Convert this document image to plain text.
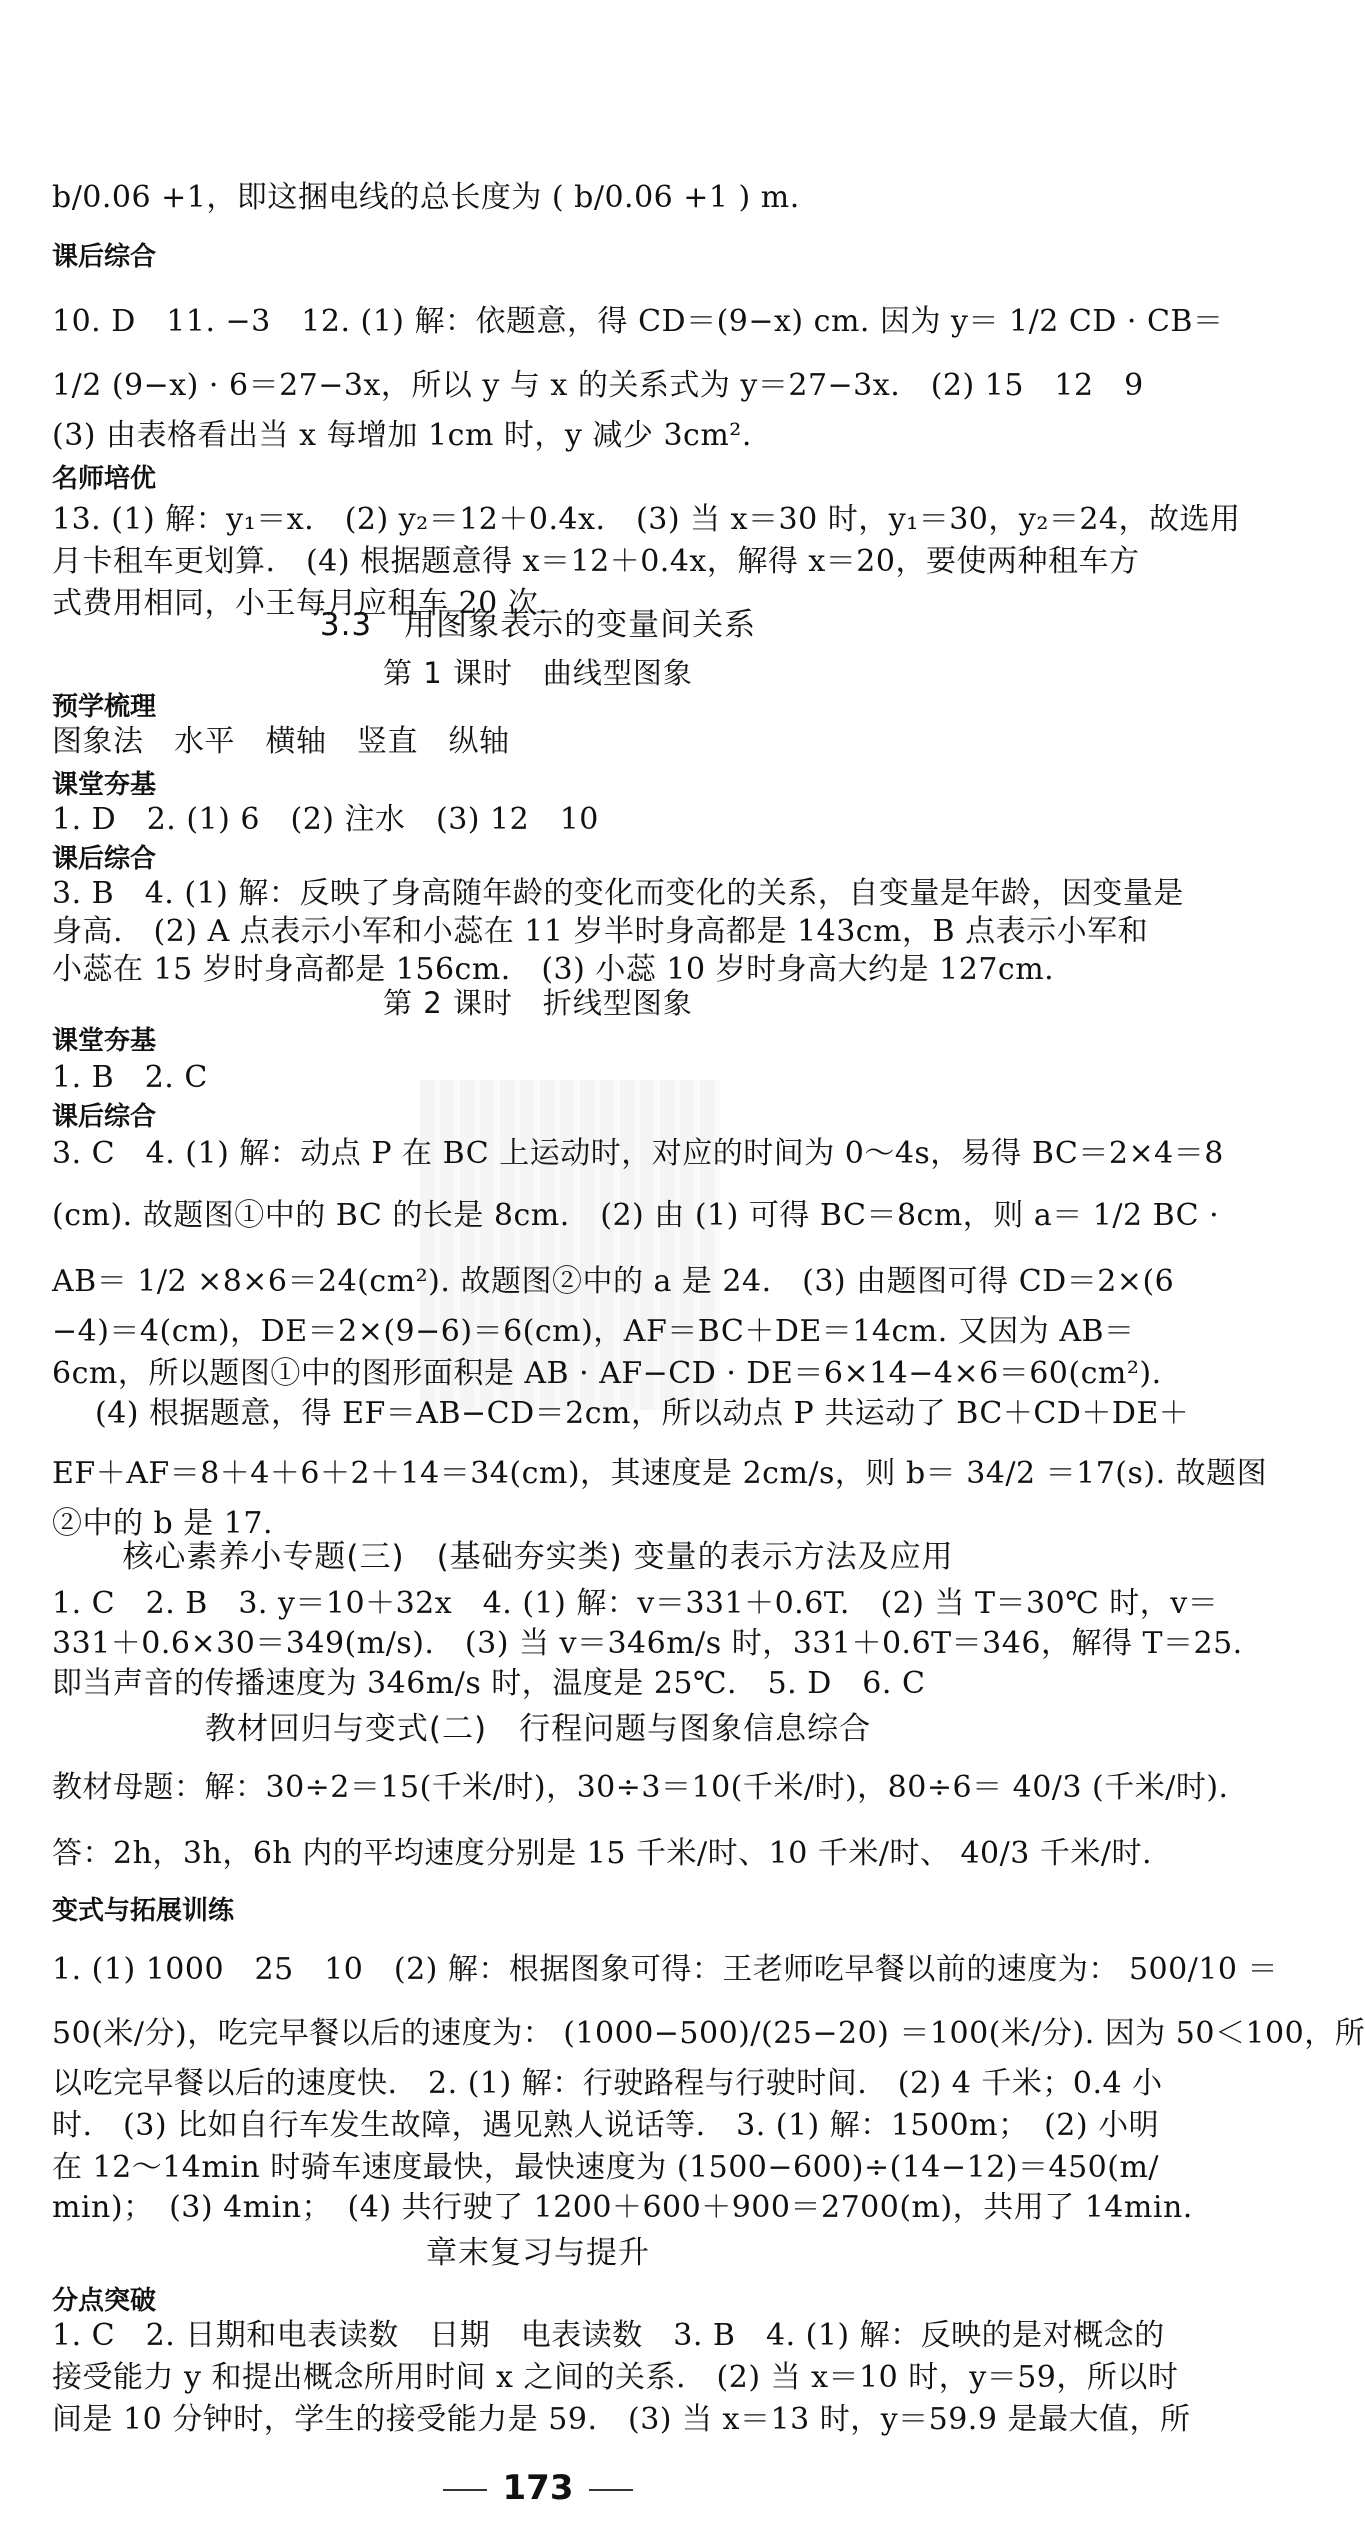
b/0.06 +1，即这捆电线的总长度为 ( b/0.06 +1 ) m.
课后综合
10. D　11. −3　12. (1) 解：依题意，得 CD＝(9−x) cm. 因为 y＝ 1/2 CD · CB＝
1/2 (9−x) · 6＝27−3x，所以 y 与 x 的关系式为 y＝27−3x.　(2) 15　12　9
(3) 由表格看出当 x 每增加 1cm 时，y 减少 3cm².
名师培优
13. (1) 解：y₁＝x.　(2) y₂＝12＋0.4x.　(3) 当 x＝30 时，y₁＝30，y₂＝24，故选用
月卡租车更划算.　(4) 根据题意得 x＝12＋0.4x，解得 x＝20，要使两种租车方
式费用相同，小王每月应租车 20 次.
3.3　用图象表示的变量间关系
第 1 课时　曲线型图象
预学梳理
图象法　水平　横轴　竖直　纵轴
课堂夯基
1. D　2. (1) 6　(2) 注水　(3) 12　10
课后综合
3. B　4. (1) 解：反映了身高随年龄的变化而变化的关系，自变量是年龄，因变量是
身高.　(2) A 点表示小军和小蕊在 11 岁半时身高都是 143cm，B 点表示小军和
小蕊在 15 岁时身高都是 156cm.　(3) 小蕊 10 岁时身高大约是 127cm.
第 2 课时　折线型图象
课堂夯基
1. B　2. C
课后综合
3. C　4. (1) 解：动点 P 在 BC 上运动时，对应的时间为 0～4s，易得 BC＝2×4＝8
(cm). 故题图①中的 BC 的长是 8cm.　(2) 由 (1) 可得 BC＝8cm，则 a＝ 1/2 BC ·
AB＝ 1/2 ×8×6＝24(cm²). 故题图②中的 a 是 24.　(3) 由题图可得 CD＝2×(6
−4)＝4(cm)，DE＝2×(9−6)＝6(cm)，AF＝BC＋DE＝14cm. 又因为 AB＝
6cm，所以题图①中的图形面积是 AB · AF−CD · DE＝6×14−4×6＝60(cm²).
(4) 根据题意，得 EF＝AB−CD＝2cm，所以动点 P 共运动了 BC＋CD＋DE＋
EF＋AF＝8＋4＋6＋2＋14＝34(cm)，其速度是 2cm/s，则 b＝ 34/2 ＝17(s). 故题图
②中的 b 是 17.
核心素养小专题(三)　(基础夯实类) 变量的表示方法及应用
1. C　2. B　3. y＝10＋32x　4. (1) 解：v＝331＋0.6T.　(2) 当 T＝30℃ 时，v＝
331＋0.6×30＝349(m/s).　(3) 当 v＝346m/s 时，331＋0.6T＝346，解得 T＝25.
即当声音的传播速度为 346m/s 时，温度是 25℃.　5. D　6. C
教材回归与变式(二)　行程问题与图象信息综合
教材母题：解：30÷2＝15(千米/时)，30÷3＝10(千米/时)，80÷6＝ 40/3 (千米/时).
答：2h，3h，6h 内的平均速度分别是 15 千米/时、10 千米/时、 40/3 千米/时.
变式与拓展训练
1. (1) 1000　25　10　(2) 解：根据图象可得：王老师吃早餐以前的速度为： 500/10 ＝
50(米/分)，吃完早餐以后的速度为： (1000−500)/(25−20) ＝100(米/分). 因为 50＜100，所
以吃完早餐以后的速度快.　2. (1) 解：行驶路程与行驶时间.　(2) 4 千米；0.4 小
时.　(3) 比如自行车发生故障，遇见熟人说话等.　3. (1) 解：1500m；　(2) 小明
在 12～14min 时骑车速度最快，最快速度为 (1500−600)÷(14−12)＝450(m/
min)；　(3) 4min；　(4) 共行驶了 1200＋600＋900＝2700(m)，共用了 14min.
章末复习与提升
分点突破
1. C　2. 日期和电表读数　日期　电表读数　3. B　4. (1) 解：反映的是对概念的
接受能力 y 和提出概念所用时间 x 之间的关系.　(2) 当 x＝10 时，y＝59，所以时
间是 10 分钟时，学生的接受能力是 59.　(3) 当 x＝13 时，y＝59.9 是最大值，所
173
